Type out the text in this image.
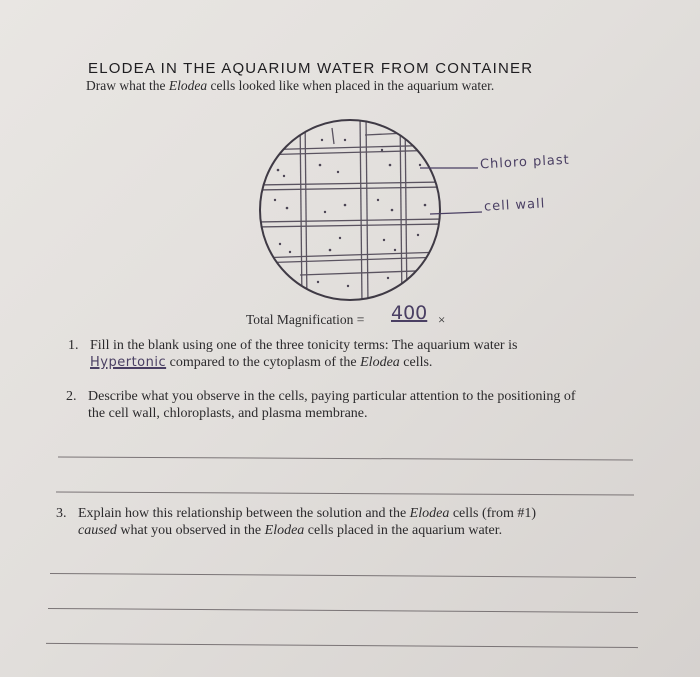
ELODEA IN THE AQUARIUM WATER FROM CONTAINER
Draw what the Elodea cells looked like when placed in the aquarium water.
Chloro plast
cell wall
Total Magnification = 400 ×
1. Fill in the blank using one of the three tonicity terms: The aquarium water is
Hypertonic compared to the cytoplasm of the Elodea cells.
2. Describe what you observe in the cells, paying particular attention to the positioning of
the cell wall, chloroplasts, and plasma membrane.
3. Explain how this relationship between the solution and the Elodea cells (from #1)
caused what you observed in the Elodea cells placed in the aquarium water.
